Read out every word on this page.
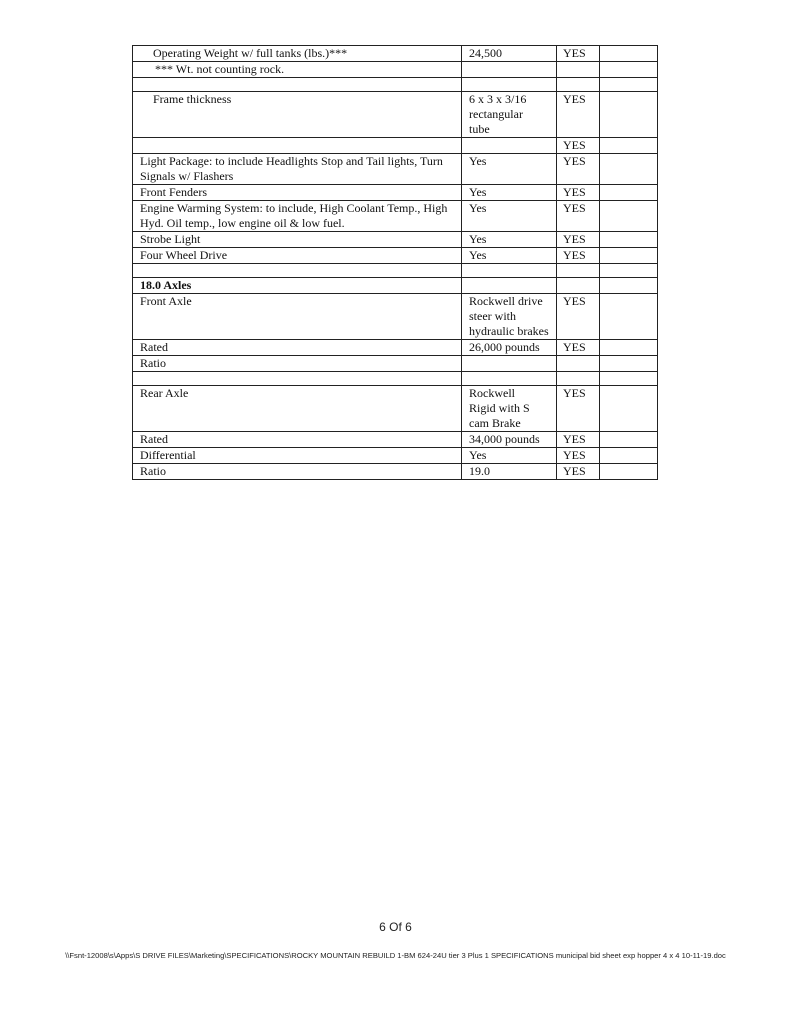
Operating Weight w/ full tanks (lbs.)***	24,500	YES	
*** Wt. not counting rock.			

Frame thickness	6 x 3 x 3/16 rectangular tube	YES	
		YES	
Light Package: to include Headlights Stop and Tail lights, Turn Signals w/ Flashers	Yes	YES	
Front Fenders	Yes	YES	
Engine Warming System: to include, High Coolant Temp., High Hyd. Oil temp., low engine oil & low fuel.	Yes	YES	
Strobe Light	Yes	YES	
Four Wheel Drive	Yes	YES	

18.0 Axles			
Front Axle	Rockwell drive steer with hydraulic brakes	YES	
Rated	26,000 pounds	YES	
Ratio			

Rear Axle	Rockwell Rigid with S cam Brake	YES	
Rated	34,000 pounds	YES	
Differential	Yes	YES	
Ratio	19.0	YES	
6 Of 6
\\Fsnt-12008\s\Apps\S DRIVE FILES\Marketing\SPECIFICATIONS\ROCKY MOUNTAIN REBUILD 1-BM 624-24U tier 3 Plus 1 SPECIFICATIONS municipal bid sheet exp hopper 4 x 4 10-11-19.doc
